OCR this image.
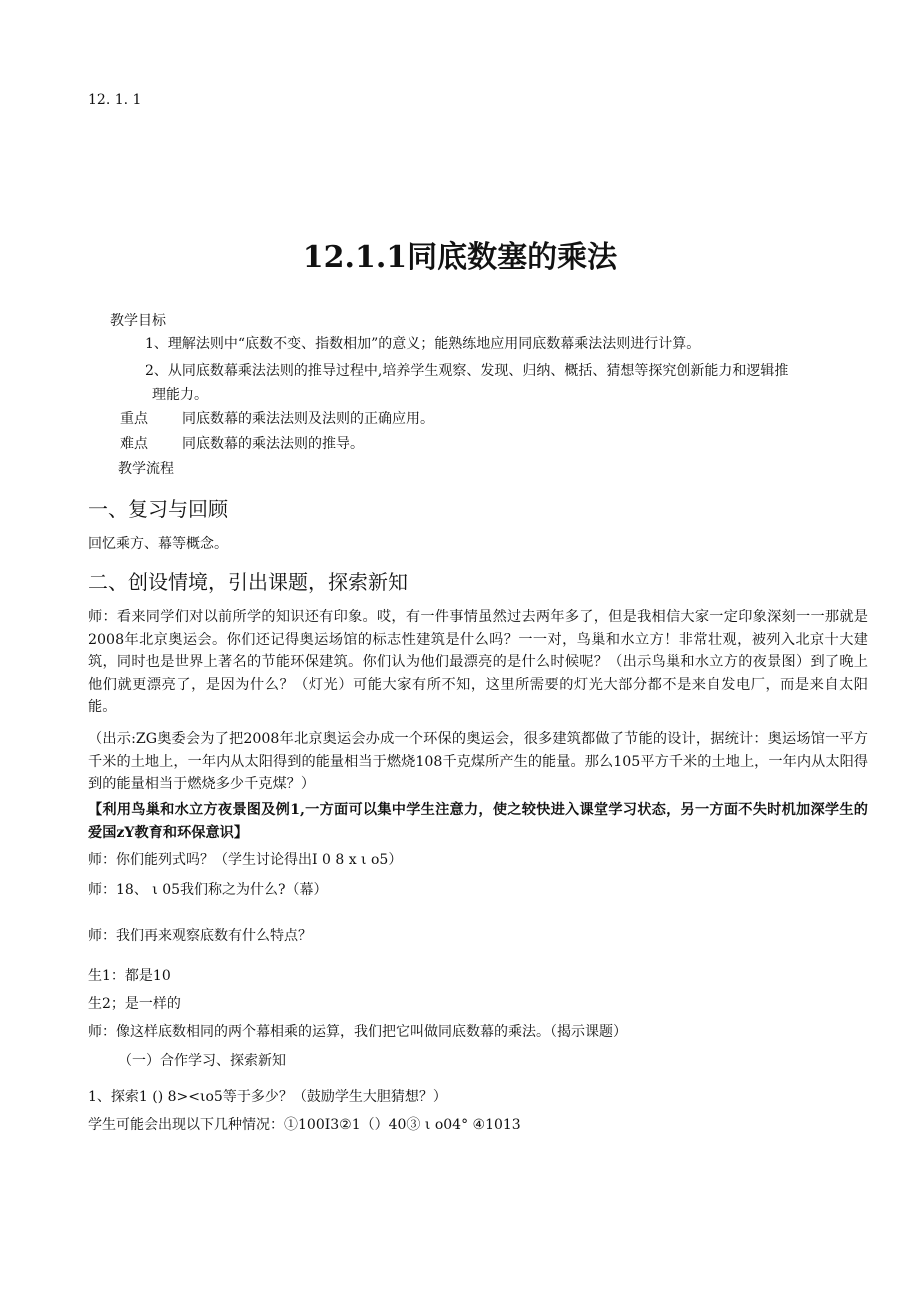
12. 1. 1
12.1.1同底数塞的乘法
教学目标
1、理解法则中“底数不变、指数相加”的意义；能熟练地应用同底数幕乘法法则进行计算。
2、从同底数幕乘法法则的推导过程中,培养学生观察、发现、归纳、概括、猜想等探究创新能力和逻辑推
理能力。
重点 同底数幕的乘法法则及法则的正确应用。
难点 同底数幕的乘法法则的推导。
教学流程
一、复习与回顾
回忆乘方、幕等概念。
二、创设情境，引出课题，探索新知
师：看来同学们对以前所学的知识还有印象。哎，有一件事情虽然过去两年多了，但是我相信大家一定印象深刻一一那就是2008年北京奥运会。你们还记得奥运场馆的标志性建筑是什么吗？一一对，鸟巢和水立方！非常壮观，被列入北京十大建筑，同时也是世界上著名的节能环保建筑。你们认为他们最漂亮的是什么时候呢？（出示鸟巢和水立方的夜景图）到了晚上他们就更漂亮了，是因为什么？（灯光）可能大家有所不知，这里所需要的灯光大部分都不是来自发电厂，而是来自太阳能。
（出示:ZG奥委会为了把2008年北京奥运会办成一个环保的奥运会，很多建筑都做了节能的设计，据统计：奥运场馆一平方千米的土地上，一年内从太阳得到的能量相当于燃烧108千克煤所产生的能量。那么105平方千米的土地上，一年内从太阳得到的能量相当于燃烧多少千克煤？）
【利用鸟巢和水立方夜景图及例1,一方面可以集中学生注意力，使之较快进入课堂学习状态，另一方面不失时机加深学生的爱国zY教育和环保意识】
师：你们能列式吗？（学生讨论得出I 0 8 x ι o5）
师：18、 ι 05我们称之为什么?（幕）
师：我们再来观察底数有什么特点？
生1：都是10
生2；是一样的
师：像这样底数相同的两个幕相乘的运算，我们把它叫做同底数幕的乘法。（揭示课题）
（一）合作学习、探索新知
1、探索1 () 8><ιo5等于多少？（鼓励学生大胆猜想？）
学生可能会出现以下几种情况：①100I3②1（）40③ ι o04° ④1013
